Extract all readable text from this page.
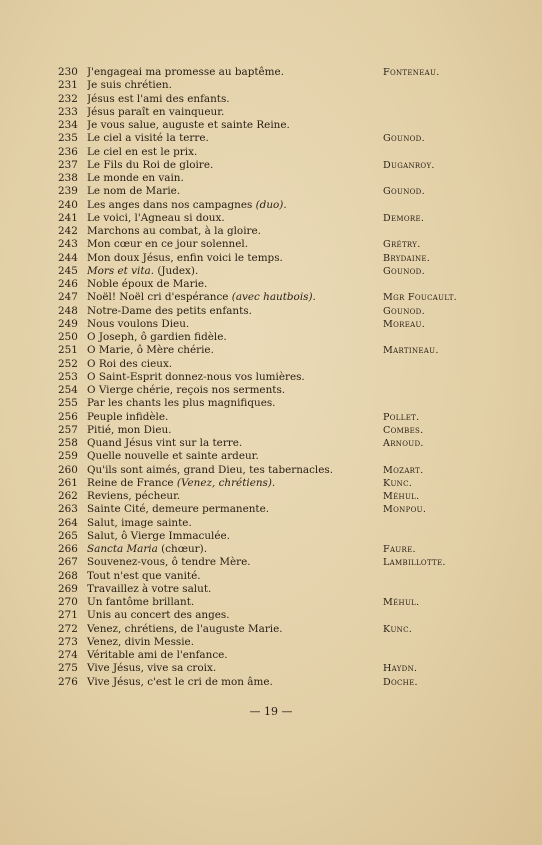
230 J'engageai ma promesse au baptême.	Fonteneau.
231 Je suis chrétien.
232 Jésus est l'ami des enfants.
233 Jésus paraît en vainqueur.
234 Je vous salue, auguste et sainte Reine.
235 Le ciel a visité la terre.	Gounod.
236 Le ciel en est le prix.
237 Le Fils du Roi de gloire.	Duganroy.
238 Le monde en vain.
239 Le nom de Marie.	Gounod.
240 Les anges dans nos campagnes (duo).
241 Le voici, l'Agneau si doux.	Demore.
242 Marchons au combat, à la gloire.
243 Mon cœur en ce jour solennel.	Grétry.
244 Mon doux Jésus, enfin voici le temps.	Brydaine.
245 Mors et vita. (Judex).	Gounod.
246 Noble époux de Marie.
247 Noël! Noël cri d'espérance (avec hautbois).	Mgr Foucault.
248 Notre-Dame des petits enfants.	Gounod.
249 Nous voulons Dieu.	Moreau.
250 O Joseph, ô gardien fidèle.
251 O Marie, ô Mère chérie.	Martineau.
252 O Roi des cieux.
253 O Saint-Esprit donnez-nous vos lumières.
254 O Vierge chérie, reçois nos serments.
255 Par les chants les plus magnifiques.
256 Peuple infidèle.	Pollet.
257 Pitié, mon Dieu.	Combes.
258 Quand Jésus vint sur la terre.	Arnoud.
259 Quelle nouvelle et sainte ardeur.
260 Qu'ils sont aimés, grand Dieu, tes tabernacles.	Mozart.
261 Reine de France (Venez, chrétiens).	Kunc.
262 Reviens, pécheur.	Méhul.
263 Sainte Cité, demeure permanente.	Monpou.
264 Salut, image sainte.
265 Salut, ô Vierge Immaculée.
266 Sancta Maria (chœur).	Faure.
267 Souvenez-vous, ô tendre Mère.	Lambillotte.
268 Tout n'est que vanité.
269 Travaillez à votre salut.
270 Un fantôme brillant.	Méhul.
271 Unis au concert des anges.
272 Venez, chrétiens, de l'auguste Marie.	Kunc.
273 Venez, divin Messie.
274 Véritable ami de l'enfance.
275 Vive Jésus, vive sa croix.	Haydn.
276 Vive Jésus, c'est le cri de mon âme.	Doche.
— 19 —
